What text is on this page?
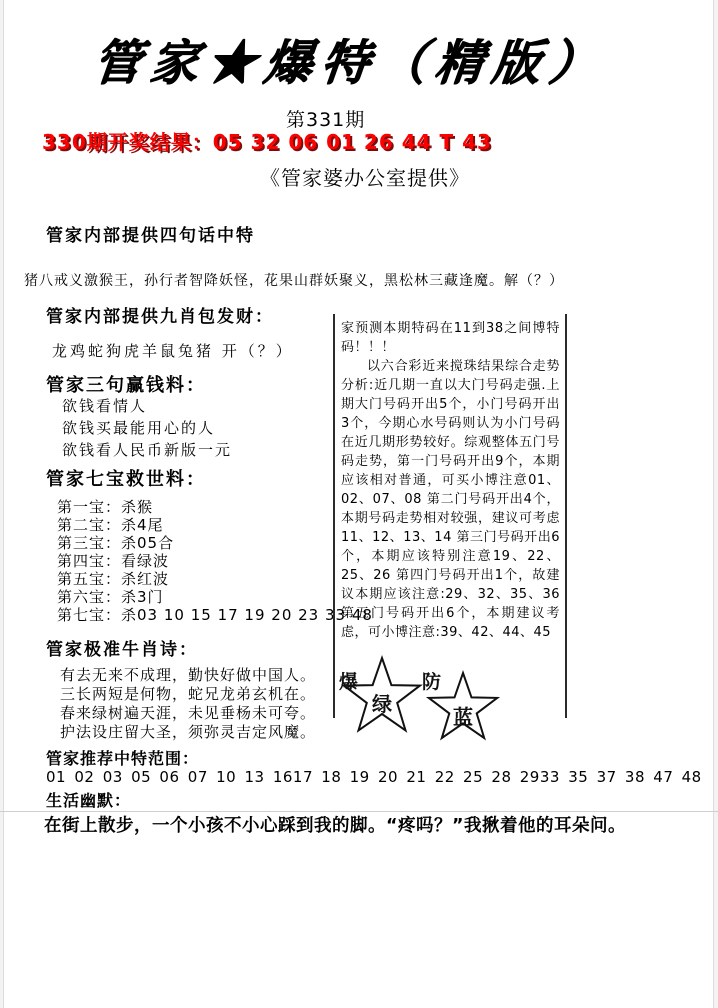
管家★爆特（精版）
第331期
330期开奖结果：05 32 06 01 26 44 T 43
《管家婆办公室提供》
管家内部提供四句话中特
猪八戒义激猴王，孙行者智降妖怪，花果山群妖聚义，黑松林三藏逢魔。解（？）
管家内部提供九肖包发财：
龙鸡蛇狗虎羊鼠兔猪 开（？）
管家三句赢钱料：
欲钱看情人
欲钱买最能用心的人
欲钱看人民币新版一元
管家七宝救世料：
第一宝：杀猴
第二宝：杀4尾
第三宝：杀05合
第四宝：看绿波
第五宝：杀红波
第六宝：杀3门
第七宝：杀03 10 15 17 19 20 23 33 48
管家极准牛肖诗：
有去无来不成理，勤快好做中国人。
三长两短是何物，蛇兄龙弟玄机在。
春来绿树遍天涯，未见垂杨未可夸。
护法设庄留大圣，须弥灵吉定风魔。
管家推荐中特范围：
01 02 03 05 06 07 10 13 1617 18 19 20 21 22 25 28 2933 35 37 38 47 48
生活幽默：
在街上散步，一个小孩不小心踩到我的脚。“疼吗？”我揪着他的耳朵问。

家预测本期特码在11到38之间博特码！！！

以六合彩近来搅珠结果综合走势分析:近几期一直以大门号码走强.上期大门号码开出5个，小门号码开出3个，今期心水号码则认为小门号码在近几期形势较好。综观整体五门号码走势，第一门号码开出9个，本期应该相对普通，可买小博注意01、02、07、08 第二门号码开出4个，本期号码走势相对较强，建议可考虑11、12、13、14 第三门号码开出6个，本期应该特别注意19、22、25、26 第四门号码开出1个，故建议本期应该注意:29、32、35、36第五门号码开出6个，本期建议考虑，可小博注意:39、42、44、45

爆
绿
防
蓝
